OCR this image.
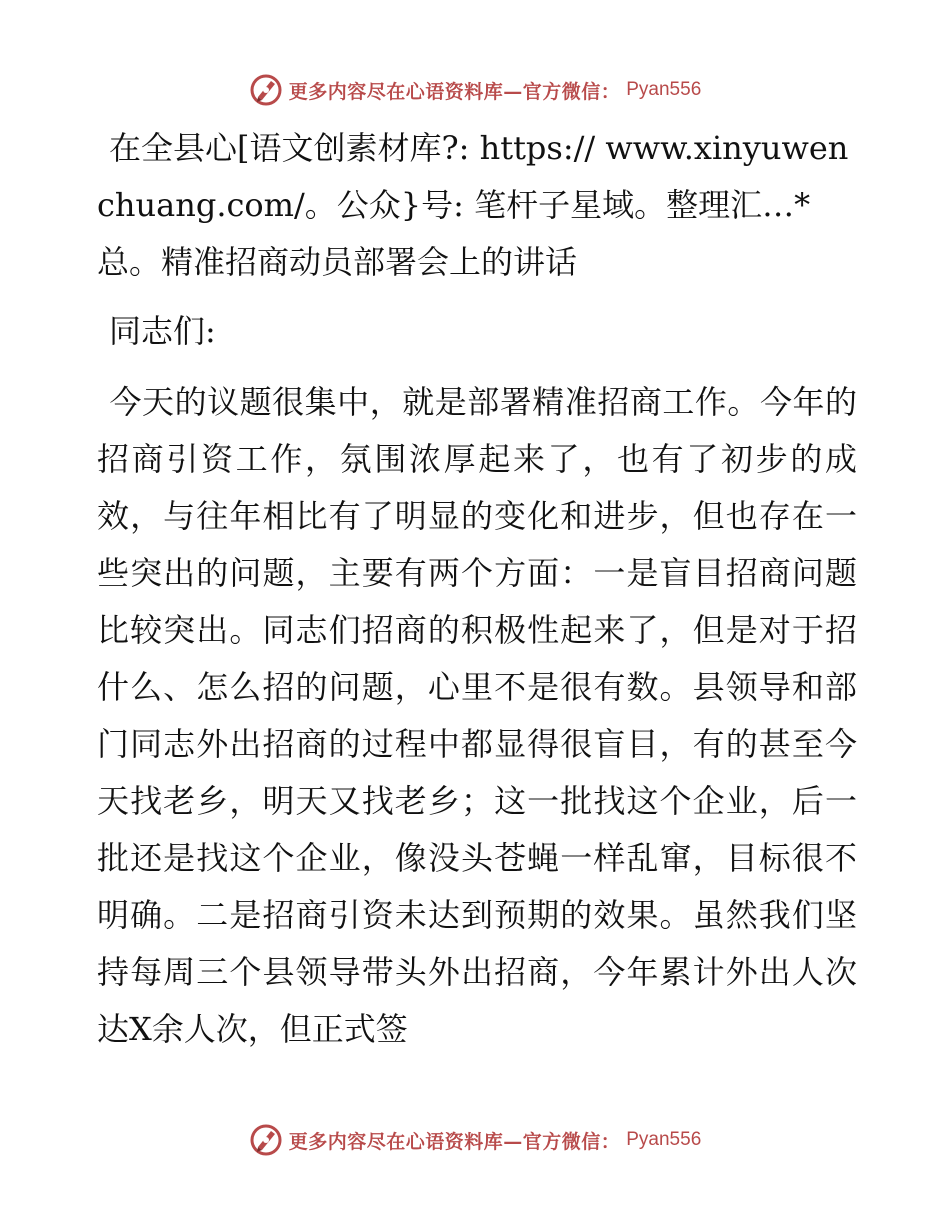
更多内容尽在心语资料库—官方微信： Pyan556
在全县心[语文创素材库?: https:// www.xinyuwenchuang.com/。公众}号: 笔杆子星域。整理汇…*总。精准招商动员部署会上的讲话
同志们:
今天的议题很集中，就是部署精准招商工作。今年的招商引资工作，氛围浓厚起来了，也有了初步的成效，与往年相比有了明显的变化和进步，但也存在一些突出的问题，主要有两个方面：一是盲目招商问题比较突出。同志们招商的积极性起来了，但是对于招什么、怎么招的问题，心里不是很有数。县领导和部门同志外出招商的过程中都显得很盲目，有的甚至今天找老乡，明天又找老乡；这一批找这个企业，后一批还是找这个企业，像没头苍蝇一样乱窜，目标很不明确。二是招商引资未达到预期的效果。虽然我们坚持每周三个县领导带头外出招商，今年累计外出人次达X余人次，但正式签
更多内容尽在心语资料库—官方微信： Pyan556
